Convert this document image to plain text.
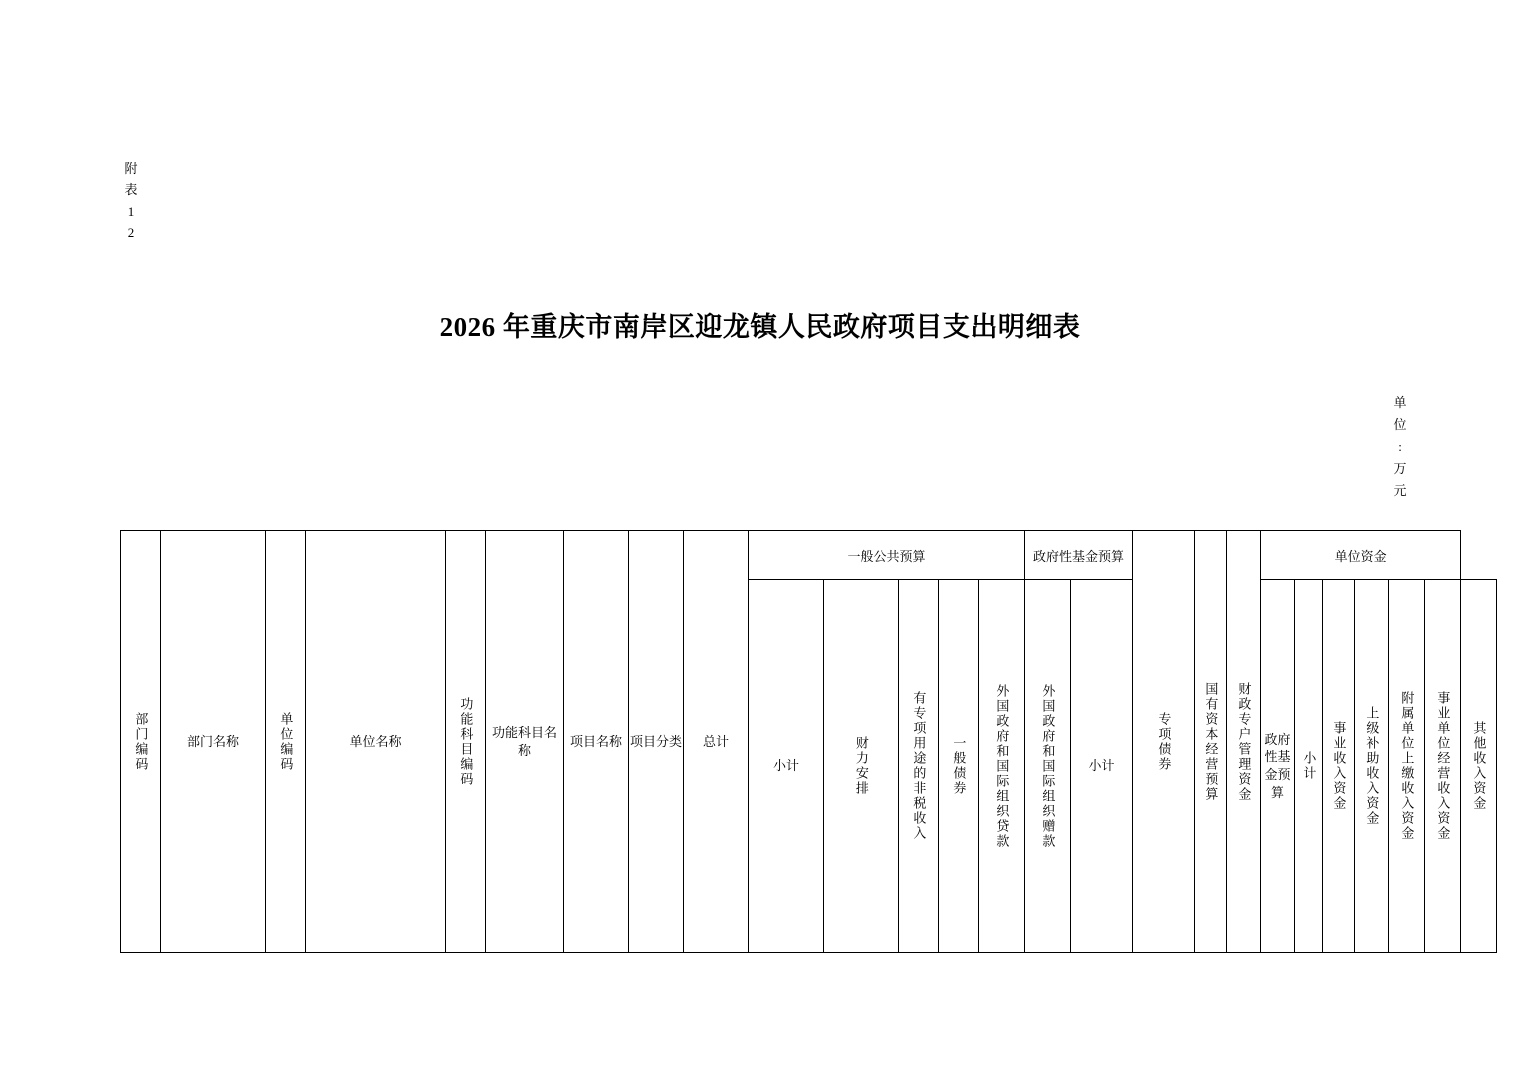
附
表
1
2
2026 年重庆市南岸区迎龙镇人民政府项目支出明细表
单
位
:
万
元
部门编码	部门名称	单位编码	单位名称	功能科目编码	功能科目名称	项目名称	项目分类	总计	一般公共预算					政府性基金预算		专项债券	国有资本经营预算	财政专户管理资金	单位资金						

									小计	财力安排	有专项用途的非税收入	一般债券	外国政府和国际组织贷款	外国政府和国际组织赠款	小计				政府性基金预算	小计	事业收入资金	上级补助收入资金	附属单位上缴收入资金	事业单位经营收入资金	其他收入资金
